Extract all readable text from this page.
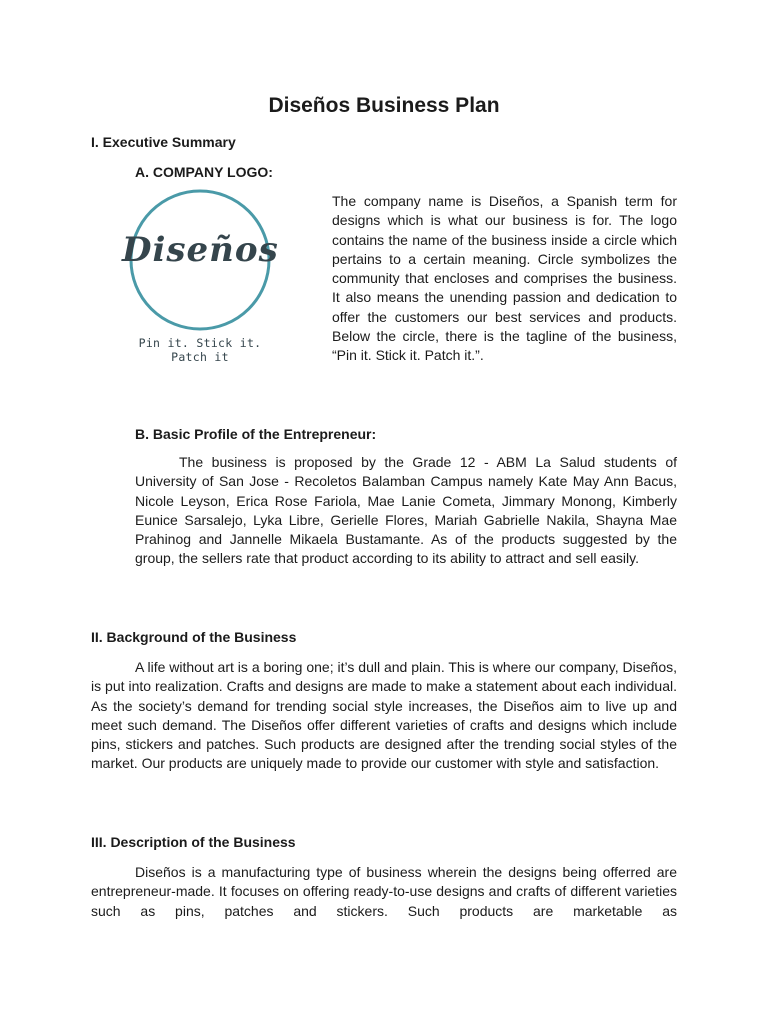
Diseños Business Plan
I. Executive Summary
A. COMPANY LOGO:
Diseños
Pin it. Stick it. Patch it

The company name is Diseños, a Spanish term for designs which is what our business is for. The logo contains the name of the business inside a circle which pertains to a certain meaning. Circle symbolizes the community that encloses and comprises the business. It also means the unending passion and dedication to offer the customers our best services and products. Below the circle, there is the tagline of the business, “Pin it. Stick it. Patch it.”.

B. Basic Profile of the Entrepreneur:

The business is proposed by the Grade 12 - ABM La Salud students of University of San Jose - Recoletos Balamban Campus namely Kate May Ann Bacus, Nicole Leyson, Erica Rose Fariola, Mae Lanie Cometa, Jimmary Monong, Kimberly Eunice Sarsalejo, Lyka Libre, Gerielle Flores, Mariah Gabrielle Nakila, Shayna Mae Prahinog and Jannelle Mikaela Bustamante. As of the products suggested by the group, the sellers rate that product according to its ability to attract and sell easily.

II. Background of the Business

A life without art is a boring one; it’s dull and plain. This is where our company, Diseños, is put into realization. Crafts and designs are made to make a statement about each individual. As the society’s demand for trending social style increases, the Diseños aim to live up and meet such demand. The Diseños offer different varieties of crafts and designs which include pins, stickers and patches. Such products are designed after the trending social styles of the market. Our products are uniquely made to provide our customer with style and satisfaction.

III. Description of the Business

Diseños is a manufacturing type of business wherein the designs being offerred are entrepreneur-made. It focuses on offering ready-to-use designs and crafts of different varieties such as pins, patches and stickers. Such products are marketable as
